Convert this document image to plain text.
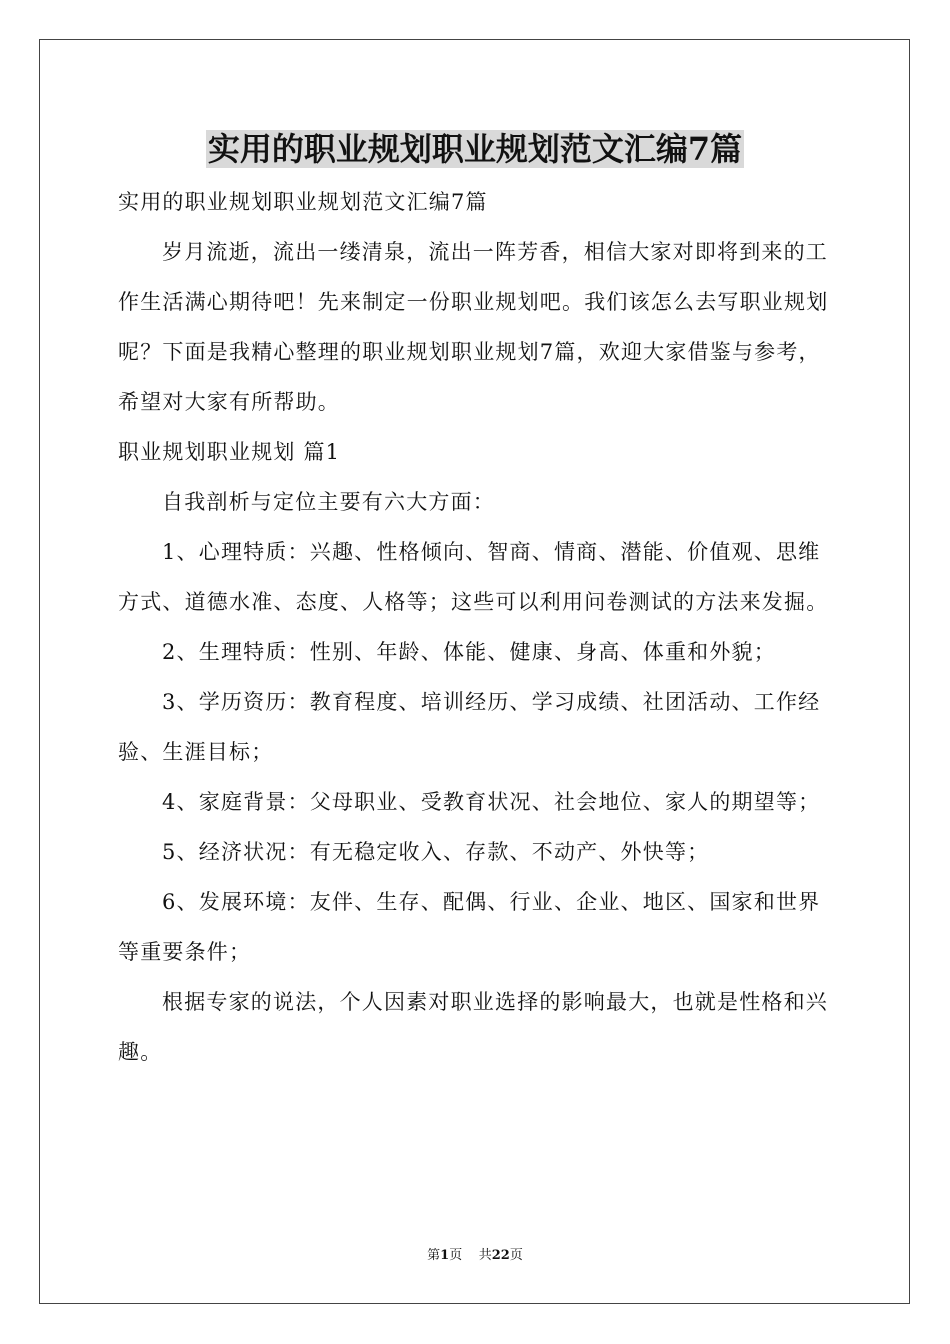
实用的职业规划职业规划范文汇编7篇

实用的职业规划职业规划范文汇编7篇

岁月流逝，流出一缕清泉，流出一阵芳香，相信大家对即将到来的工作生活满心期待吧！先来制定一份职业规划吧。我们该怎么去写职业规划呢？下面是我精心整理的职业规划职业规划7篇，欢迎大家借鉴与参考，希望对大家有所帮助。

职业规划职业规划 篇1

自我剖析与定位主要有六大方面：

1、心理特质：兴趣、性格倾向、智商、情商、潜能、价值观、思维方式、道德水准、态度、人格等；这些可以利用问卷测试的方法来发掘。

2、生理特质：性别、年龄、体能、健康、身高、体重和外貌；

3、学历资历：教育程度、培训经历、学习成绩、社团活动、工作经验、生涯目标；

4、家庭背景：父母职业、受教育状况、社会地位、家人的期望等；

5、经济状况：有无稳定收入、存款、不动产、外快等；

6、发展环境：友伴、生存、配偶、行业、企业、地区、国家和世界等重要条件；

根据专家的说法，个人因素对职业选择的影响最大，也就是性格和兴趣。

第1页 共22页
